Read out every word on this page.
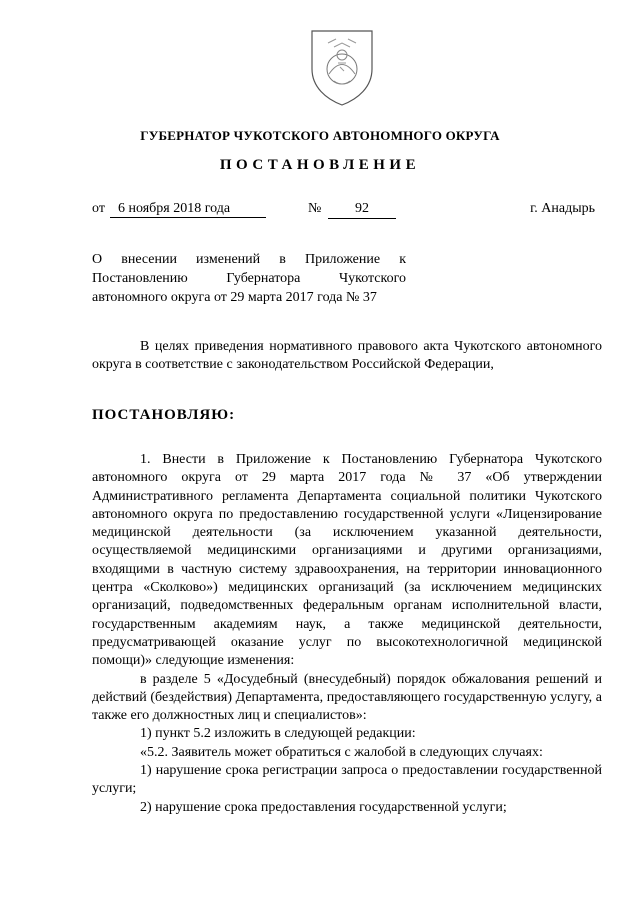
ГУБЕРНАТОР ЧУКОТСКОГО АВТОНОМНОГО ОКРУГА
ПОСТАНОВЛЕНИЕ
от 6 ноября 2018 года	№	92	г. Анадырь
О внесении изменений в Приложение к
Постановлению Губернатора Чукотского
автономного округа от 29 марта 2017 года № 37

В целях приведения нормативного правового акта Чукотского автономного округа в соответствие с законодательством Российской Федерации,

ПОСТАНОВЛЯЮ:

1. Внести в Приложение к Постановлению Губернатора Чукотского автономного округа от 29 марта 2017 года № 37 «Об утверждении Административного регламента Департамента социальной политики Чукотского автономного округа по предоставлению государственной услуги «Лицензирование медицинской деятельности (за исключением указанной деятельности, осуществляемой медицинскими организациями и другими организациями, входящими в частную систему здравоохранения, на территории инновационного центра «Сколково») медицинских организаций (за исключением медицинских организаций, подведомственных федеральным органам исполнительной власти, государственным академиям наук, а также медицинской деятельности, предусматривающей оказание услуг по высокотехнологичной медицинской помощи)» следующие изменения:

в разделе 5 «Досудебный (внесудебный) порядок обжалования решений и действий (бездействия) Департамента, предоставляющего государственную услугу, а также его должностных лиц и специалистов»:

1) пункт 5.2 изложить в следующей редакции:

«5.2. Заявитель может обратиться с жалобой в следующих случаях:

1) нарушение срока регистрации запроса о предоставлении государственной услуги;

2) нарушение срока предоставления государственной услуги;
